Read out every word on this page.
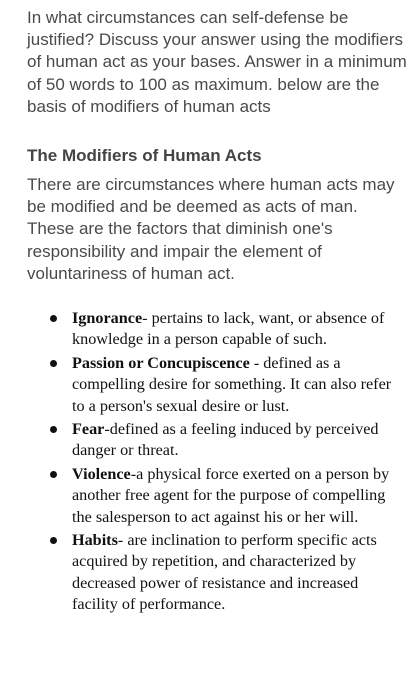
In what circumstances can self-defense be justified? Discuss your answer using the modifiers of human act as your bases. Answer in a minimum of 50 words to 100 as maximum. below are the basis of modifiers of human acts

The Modifiers of Human Acts

There are circumstances where human acts may be modified and be deemed as acts of man. These are the factors that diminish one's responsibility and impair the element of voluntariness of human act.

Ignorance- pertains to lack, want, or absence of knowledge in a person capable of such.
Passion or Concupiscence - defined as a compelling desire for something. It can also refer to a person's sexual desire or lust.
Fear-defined as a feeling induced by perceived danger or threat.
Violence-a physical force exerted on a person by another free agent for the purpose of compelling the salesperson to act against his or her will.
Habits- are inclination to perform specific acts acquired by repetition, and characterized by decreased power of resistance and increased facility of performance.
